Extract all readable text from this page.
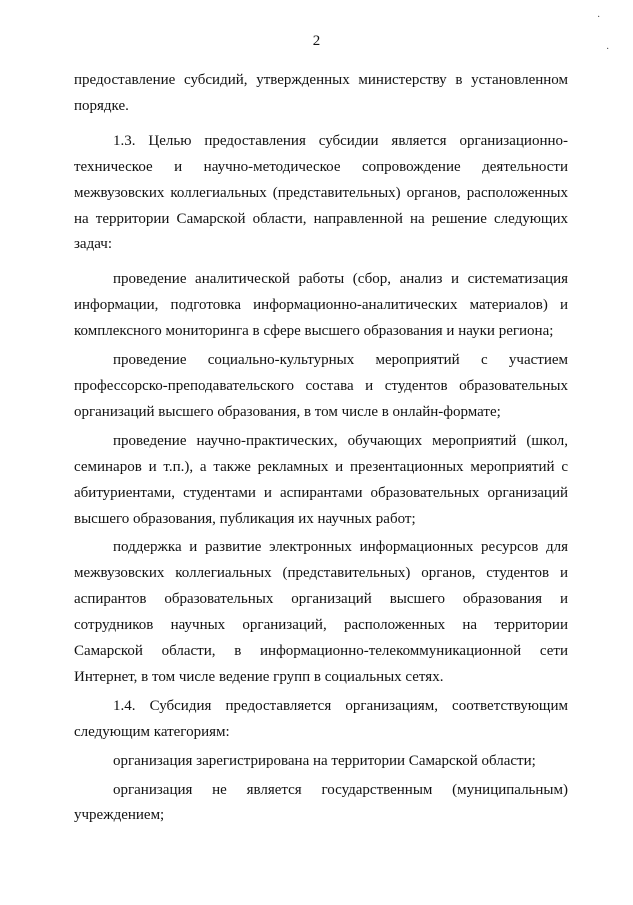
2

предоставление субсидий, утвержденных министерству в установленном порядке.

1.3. Целью предоставления субсидии является организационно-техническое и научно-методическое сопровождение деятельности межвузовских коллегиальных (представительных) органов, расположенных на территории Самарской области, направленной на решение следующих задач:

проведение аналитической работы (сбор, анализ и систематизация информации, подготовка информационно-аналитических материалов) и комплексного мониторинга в сфере высшего образования и науки региона;

проведение социально-культурных мероприятий с участием профессорско-преподавательского состава и студентов образовательных организаций высшего образования, в том числе в онлайн-формате;

проведение научно-практических, обучающих мероприятий (школ, семинаров и т.п.), а также рекламных и презентационных мероприятий с абитуриентами, студентами и аспирантами образовательных организаций высшего образования, публикация их научных работ;

поддержка и развитие электронных информационных ресурсов для межвузовских коллегиальных (представительных) органов, студентов и аспирантов образовательных организаций высшего образования и сотрудников научных организаций, расположенных на территории Самарской области, в информационно-телекоммуникационной сети Интернет, в том числе ведение групп в социальных сетях.

1.4. Субсидия предоставляется организациям, соответствующим следующим категориям:

организация зарегистрирована на территории Самарской области;

организация не является государственным (муниципальным) учреждением;

·
·
